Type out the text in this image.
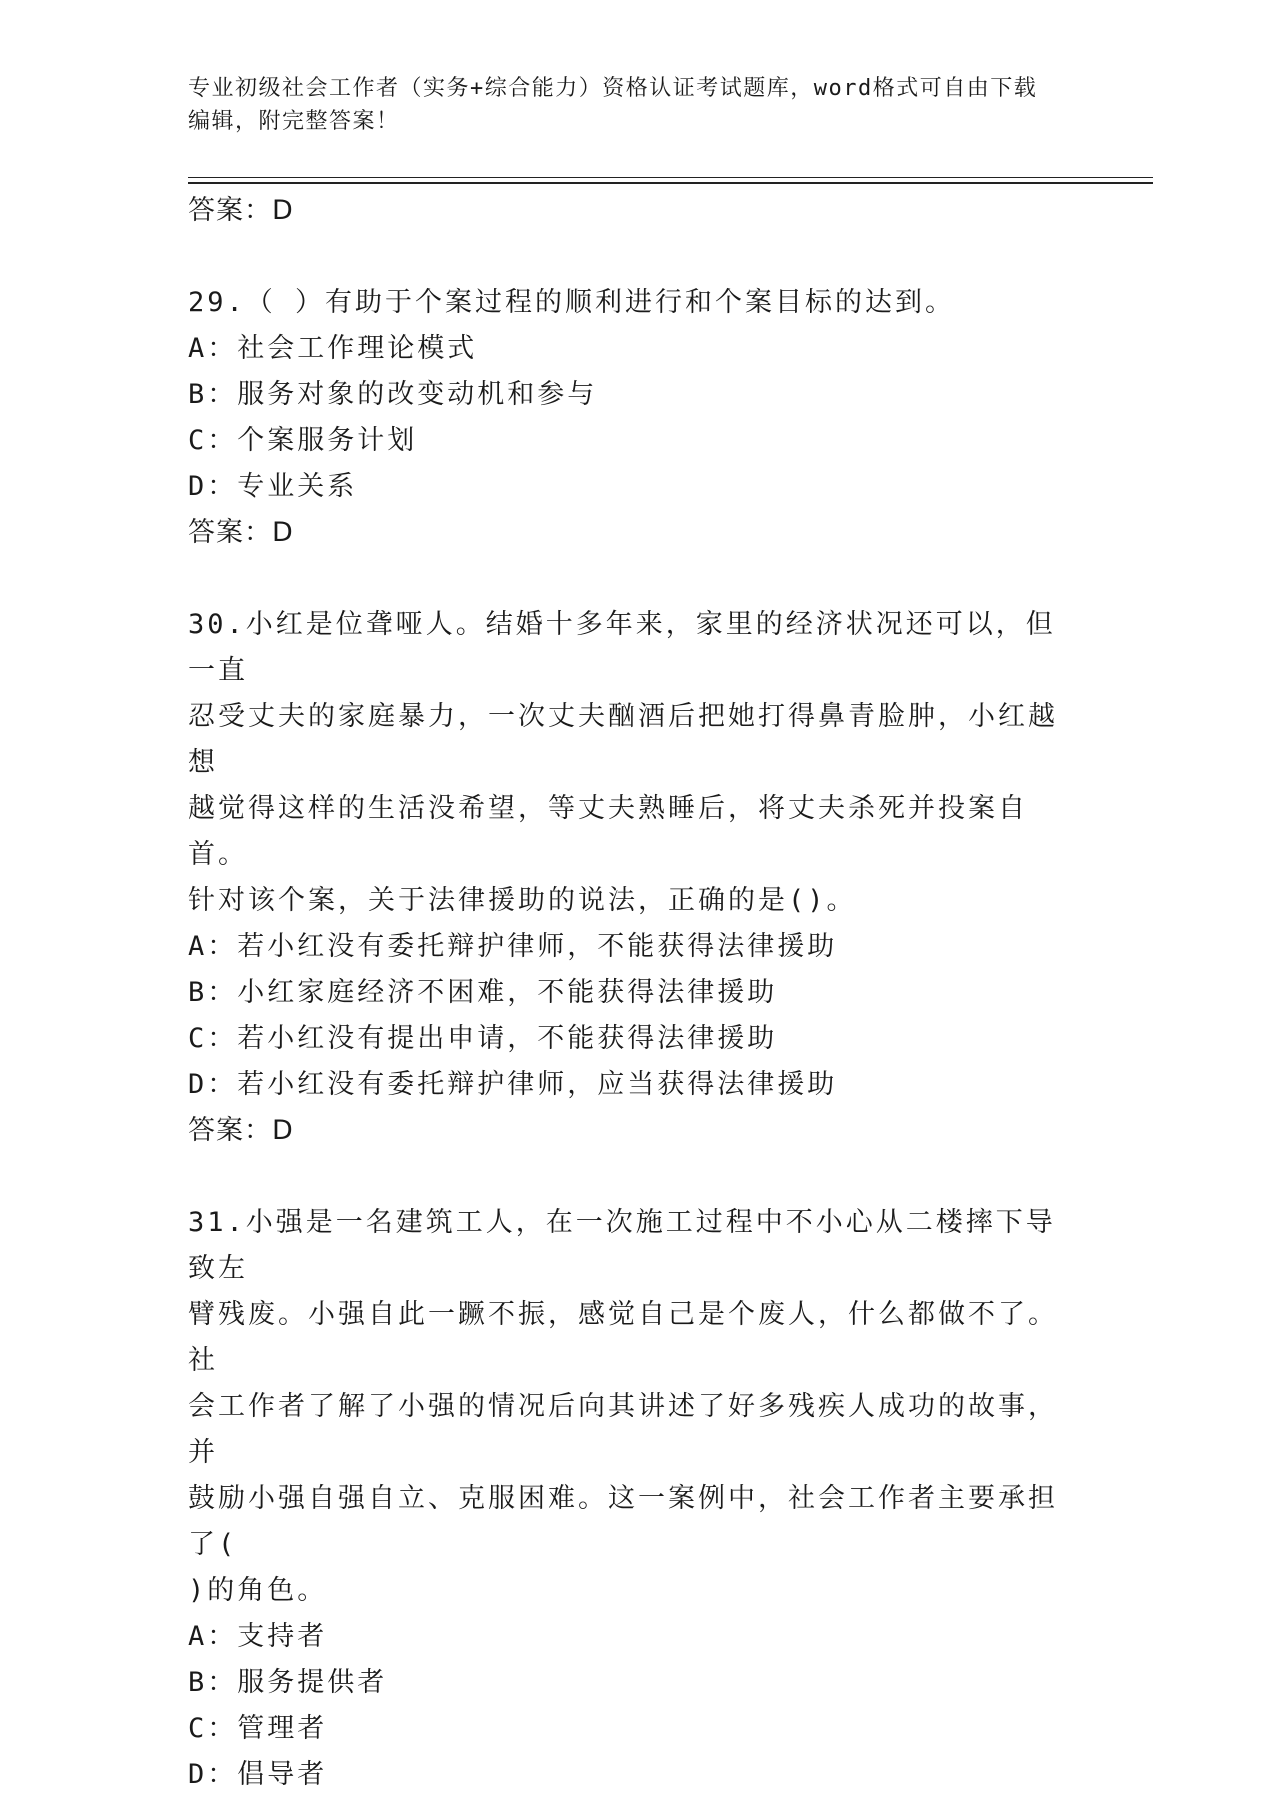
专业初级社会工作者（实务+综合能力）资格认证考试题库，word格式可自由下载
编辑，附完整答案！
答案：D
29.（ ）有助于个案过程的顺利进行和个案目标的达到。
A：社会工作理论模式
B：服务对象的改变动机和参与
C：个案服务计划
D：专业关系
答案：D
30.小红是位聋哑人。结婚十多年来，家里的经济状况还可以，但一直
忍受丈夫的家庭暴力，一次丈夫酗酒后把她打得鼻青脸肿，小红越想
越觉得这样的生活没希望，等丈夫熟睡后，将丈夫杀死并投案自首。
针对该个案，关于法律援助的说法，正确的是()。
A：若小红没有委托辩护律师，不能获得法律援助
B：小红家庭经济不困难，不能获得法律援助
C：若小红没有提出申请，不能获得法律援助
D：若小红没有委托辩护律师，应当获得法律援助
答案：D
31.小强是一名建筑工人，在一次施工过程中不小心从二楼摔下导致左
臂残废。小强自此一蹶不振，感觉自己是个废人，什么都做不了。社
会工作者了解了小强的情况后向其讲述了好多残疾人成功的故事，并
鼓励小强自强自立、克服困难。这一案例中，社会工作者主要承担了(
)的角色。
A：支持者
B：服务提供者
C：管理者
D：倡导者
